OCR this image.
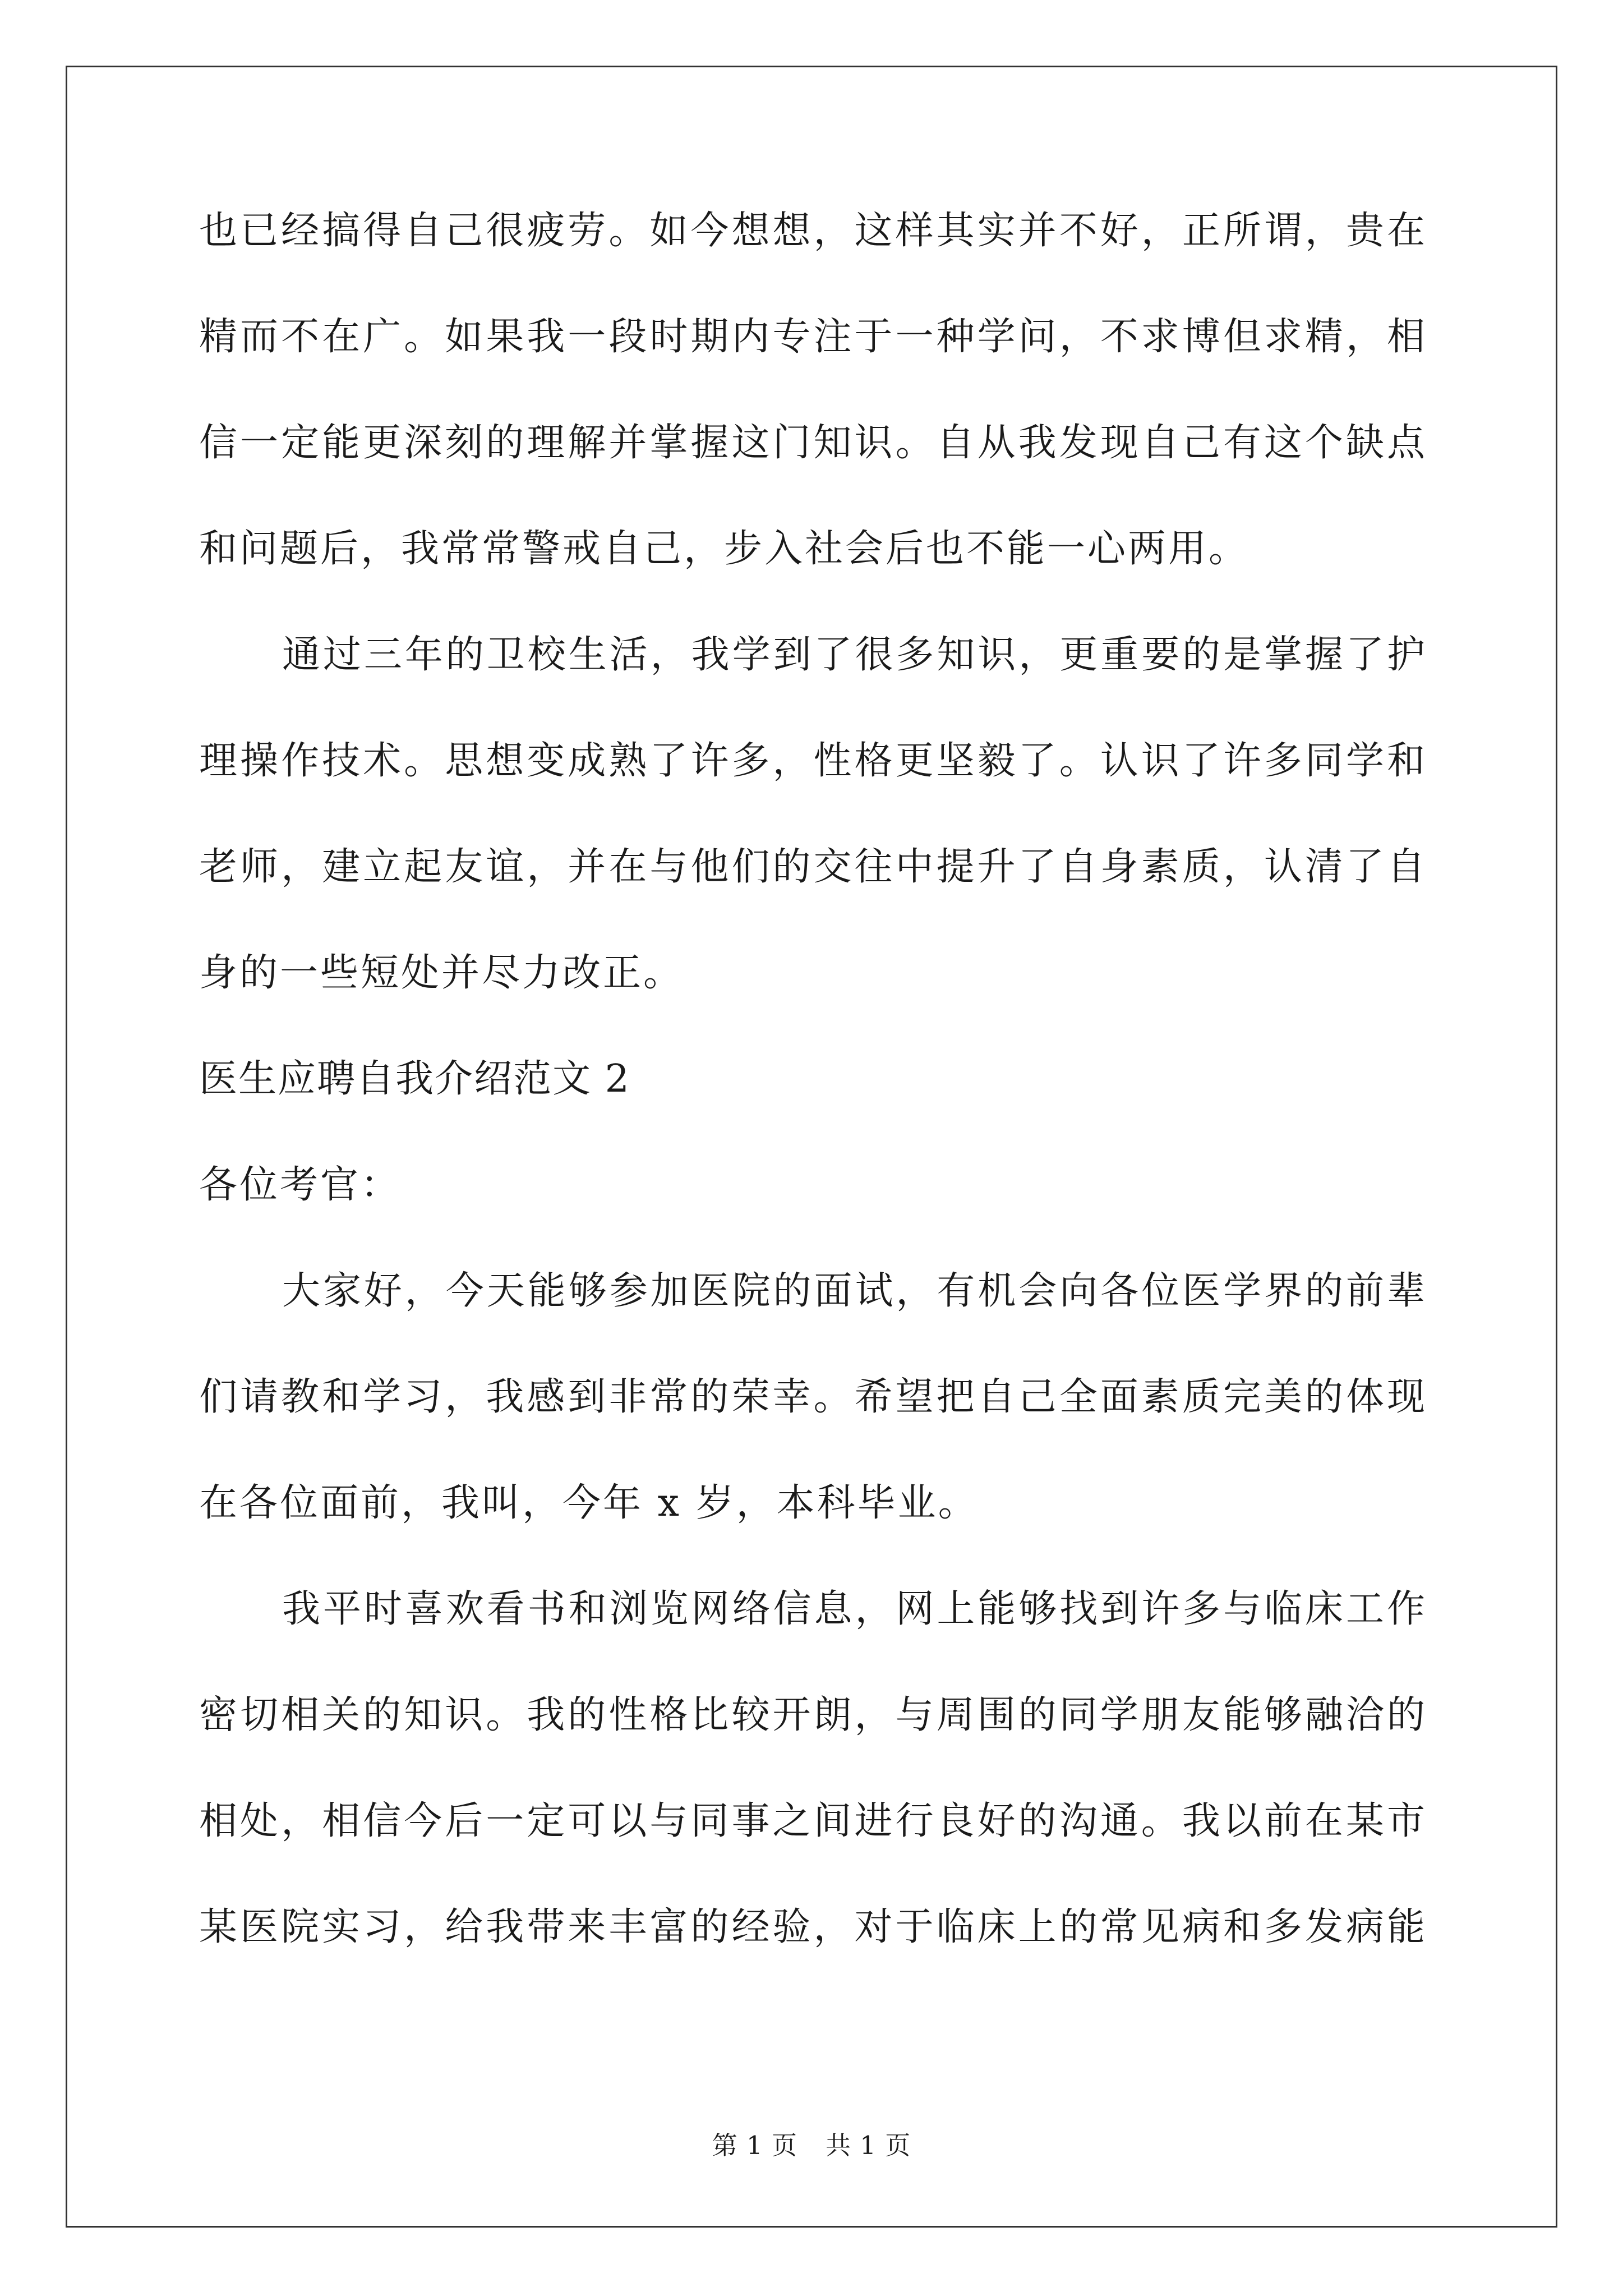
也已经搞得自己很疲劳。如今想想，这样其实并不好，正所谓，贵在
精而不在广。如果我一段时期内专注于一种学问，不求博但求精，相
信一定能更深刻的理解并掌握这门知识。自从我发现自己有这个缺点
和问题后，我常常警戒自己，步入社会后也不能一心两用。
通过三年的卫校生活，我学到了很多知识，更重要的是掌握了护
理操作技术。思想变成熟了许多，性格更坚毅了。认识了许多同学和
老师，建立起友谊，并在与他们的交往中提升了自身素质，认清了自
身的一些短处并尽力改正。
医生应聘自我介绍范文 2
各位考官：
大家好，今天能够参加医院的面试，有机会向各位医学界的前辈
们请教和学习，我感到非常的荣幸。希望把自己全面素质完美的体现
在各位面前，我叫，今年 x 岁，本科毕业。
我平时喜欢看书和浏览网络信息，网上能够找到许多与临床工作
密切相关的知识。我的性格比较开朗，与周围的同学朋友能够融洽的
相处，相信今后一定可以与同事之间进行良好的沟通。我以前在某市
某医院实习，给我带来丰富的经验，对于临床上的常见病和多发病能
第 1 页 共 1 页
